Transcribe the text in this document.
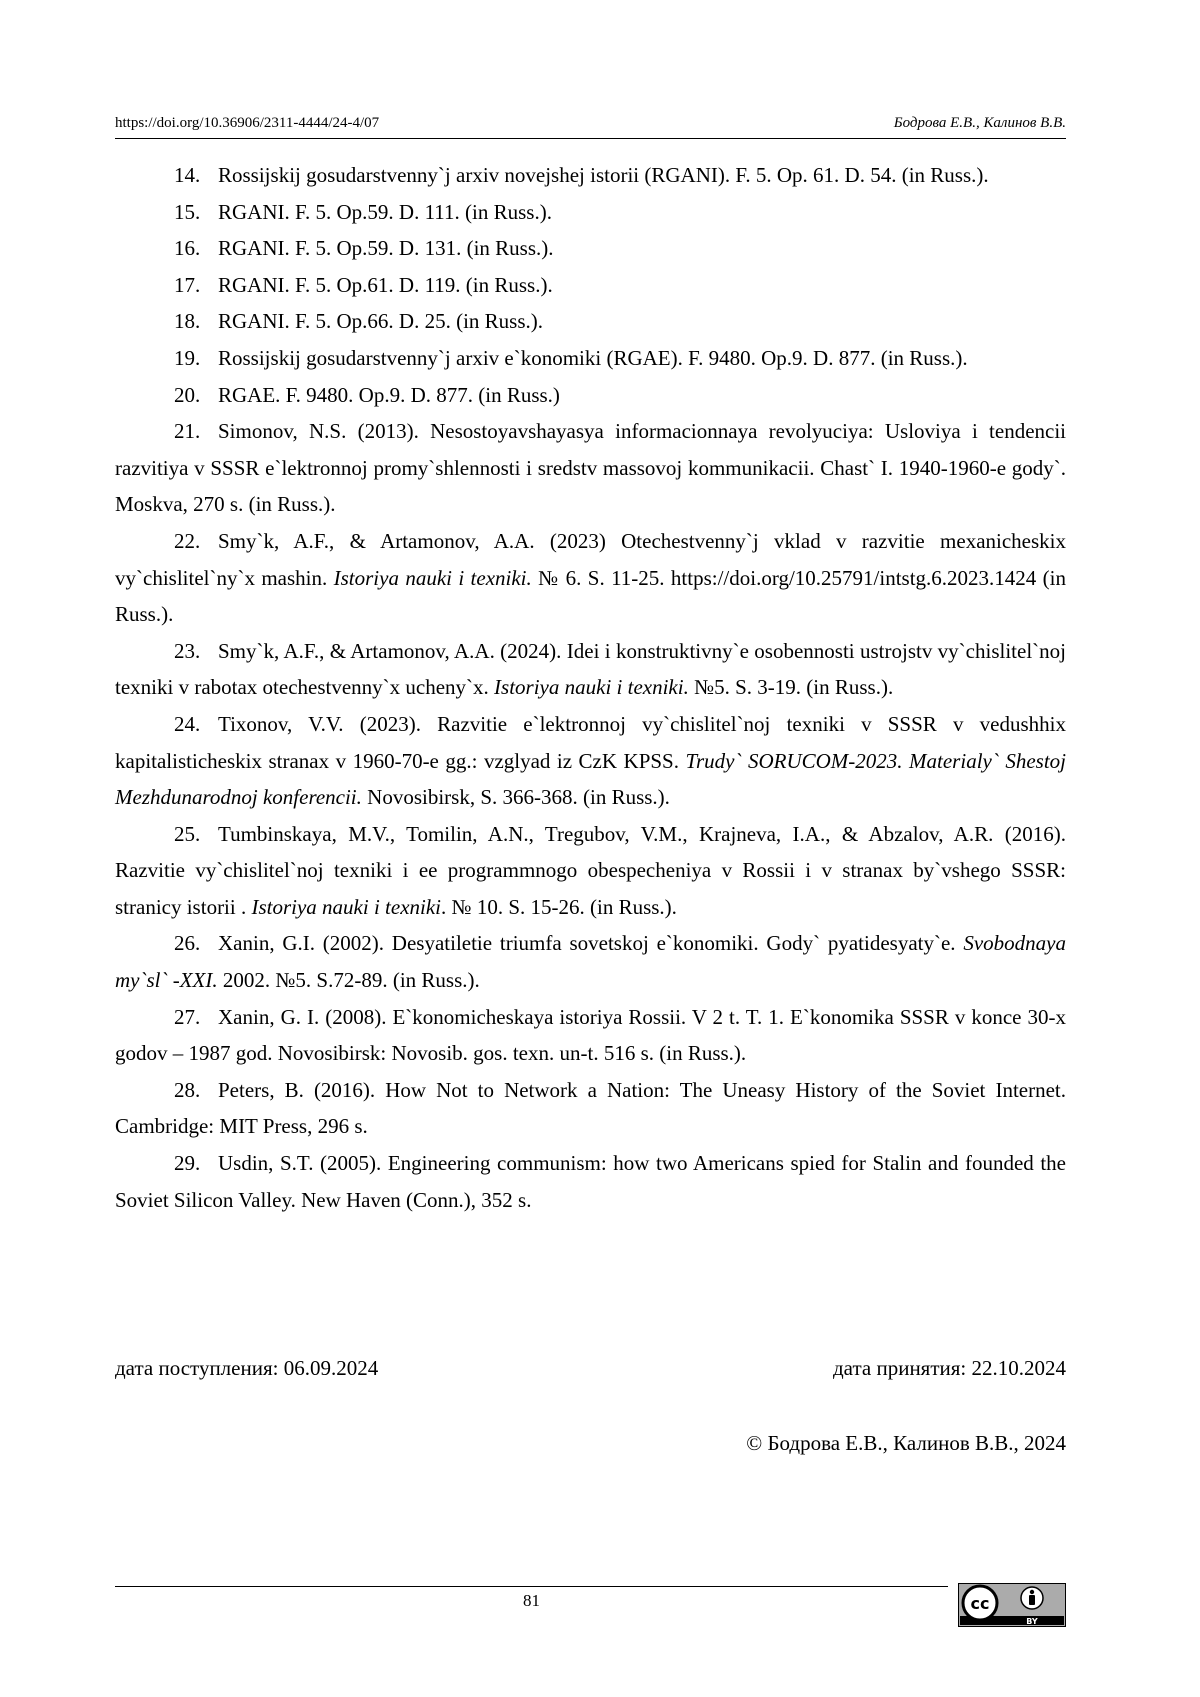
https://doi.org/10.36906/2311-4444/24-4/07	Бодрова Е.В., Калинов В.В.

14. Rossijskij gosudarstvenny`j arxiv novejshej istorii (RGANI). F. 5. Op. 61. D. 54. (in Russ.).

15. RGANI. F. 5. Op.59. D. 111. (in Russ.).

16. RGANI. F. 5. Op.59. D. 131. (in Russ.).

17. RGANI. F. 5. Op.61. D. 119. (in Russ.).

18. RGANI. F. 5. Op.66. D. 25. (in Russ.).

19. Rossijskij gosudarstvenny`j arxiv e`konomiki (RGAE). F. 9480. Op.9. D. 877. (in Russ.).

20. RGAE. F. 9480. Op.9. D. 877. (in Russ.)

21. Simonov, N.S. (2013). Nesostoyavshayasya informacionnaya revolyuciya: Usloviya i tendencii razvitiya v SSSR e`lektronnoj promy`shlennosti i sredstv massovoj kommunikacii. Chast` I. 1940-1960-e gody`. Moskva, 270 s. (in Russ.).

22. Smy`k, A.F., & Artamonov, A.A. (2023) Otechestvenny`j vklad v razvitie mexanicheskix vy`chislitel`ny`x mashin. Istoriya nauki i texniki. № 6. S. 11-25. https://doi.org/10.25791/intstg.6.2023.1424 (in Russ.).

23. Smy`k, A.F., & Artamonov, A.A. (2024). Idei i konstruktivny`e osobennosti ustrojstv vy`chislitel`noj texniki v rabotax otechestvenny`x ucheny`x. Istoriya nauki i texniki. №5. S. 3-19. (in Russ.).

24. Tixonov, V.V. (2023). Razvitie e`lektronnoj vy`chislitel`noj texniki v SSSR v vedushhix kapitalisticheskix stranax v 1960-70-e gg.: vzglyad iz CzK KPSS. Trudy` SORUCOM-2023. Materialy` Shestoj Mezhdunarodnoj konferencii. Novosibirsk, S. 366-368. (in Russ.).

25. Tumbinskaya, M.V., Tomilin, A.N., Tregubov, V.M., Krajneva, I.A., & Abzalov, A.R. (2016). Razvitie vy`chislitel`noj texniki i ee programmnogo obespecheniya v Rossii i v stranax by`vshego SSSR: stranicy istorii . Istoriya nauki i texniki. № 10. S. 15-26. (in Russ.).

26. Xanin, G.I. (2002). Desyatiletie triumfa sovetskoj e`konomiki. Gody` pyatidesyaty`e. Svobodnaya my`sl` -XXI. 2002. №5. S.72-89. (in Russ.).

27. Xanin, G. I. (2008). E`konomicheskaya istoriya Rossii. V 2 t. T. 1. E`konomika SSSR v konce 30-x godov – 1987 god. Novosibirsk: Novosib. gos. texn. un-t. 516 s. (in Russ.).

28. Peters, B. (2016). How Not to Network a Nation: The Uneasy History of the Soviet Internet. Cambridge: MIT Press, 296 s.

29. Usdin, S.T. (2005). Engineering communism: how two Americans spied for Stalin and founded the Soviet Silicon Valley. New Haven (Conn.), 352 s.

дата поступления: 06.09.2024	дата принятия: 22.10.2024
© Бодрова Е.В., Калинов В.В., 2024
81	cc
BY
